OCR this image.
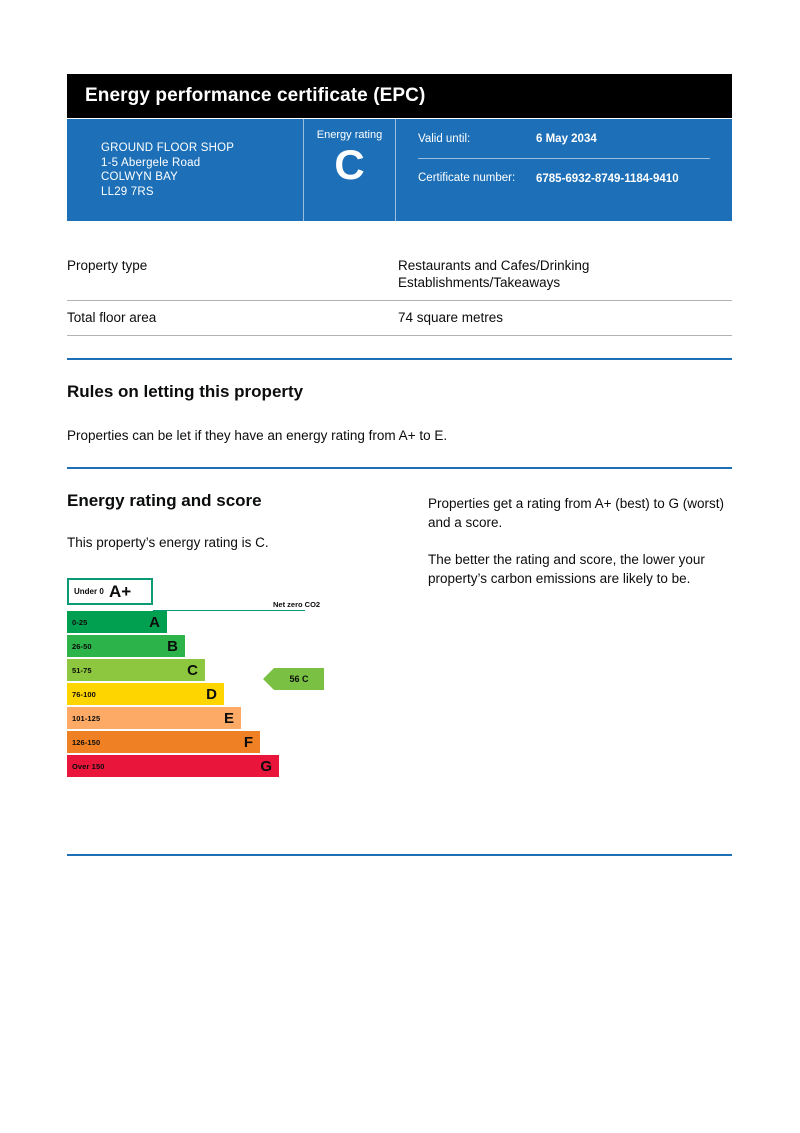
Energy performance certificate (EPC)
GROUND FLOOR SHOP
1-5 Abergele Road
COLWYN BAY
LL29 7RS
Energy rating
C
Valid until:	6 May 2034
Certificate number:	6785-6932-8749-1184-9410
Property type	Restaurants and Cafes/Drinking Establishments/Takeaways
Total floor area	74 square metres
Rules on letting this property

Properties can be let if they have an energy rating from A+ to E.

Energy rating and score

This property’s energy rating is C.

Under 0 A+
Net zero CO2
0-25	A
26-50	B
51-75	C
76-100	D
101-125	E
126-150	F
Over 150	G
56 C

Properties get a rating from A+ (best) to G (worst) and a score.

The better the rating and score, the lower your property’s carbon emissions are likely to be.
